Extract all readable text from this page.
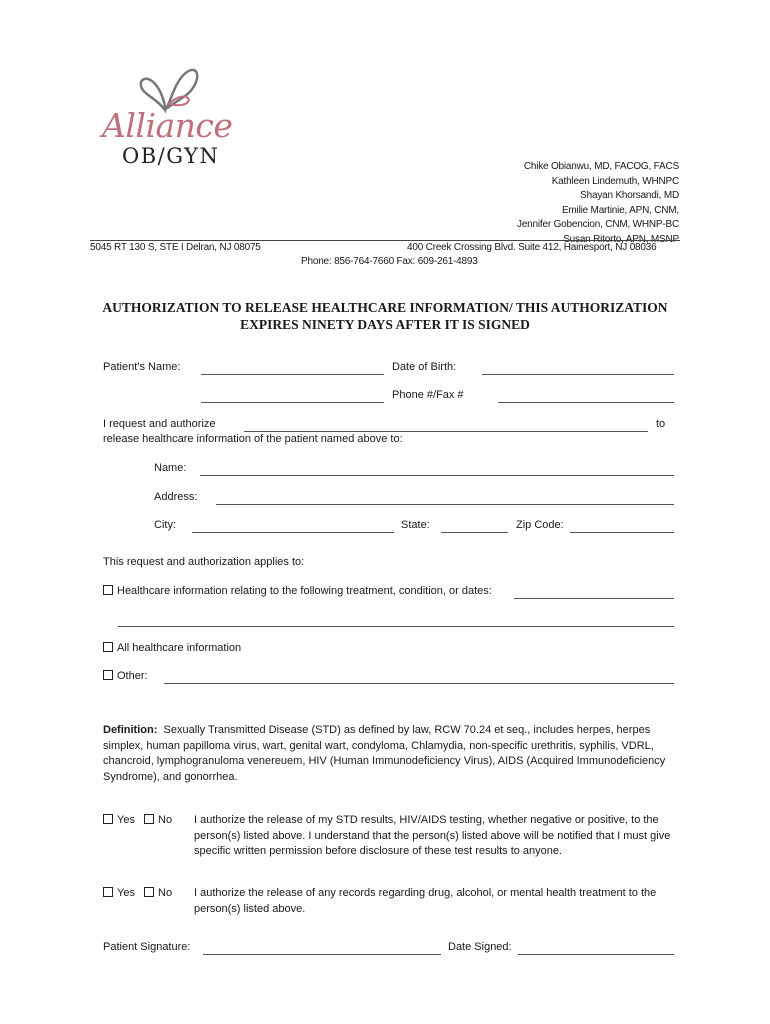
Alliance
OB/GYN	Chike Obianwu, MD, FACOG, FACS
Kathleen Lindemuth, WHNPC
Shayan Khorsandi, MD
Emilie Martinie, APN, CNM,
Jennifer Gobencion, CNM, WHNP-BC
Susan Ritorto, APN, MSNP
5045 RT 130 S, STE I Delran, NJ 08075	400 Creek Crossing Blvd. Suite 412, Hainesport, NJ 08036
Phone: 856-764-7660 Fax: 609-261-4893
AUTHORIZATION TO RELEASE HEALTHCARE INFORMATION/ THIS AUTHORIZATION
EXPIRES NINETY DAYS AFTER IT IS SIGNED
Patient’s Name:	Date of Birth:
Phone #/Fax #
I request and authorize	to
release healthcare information of the patient named above to:
Name:
Address:
City:	State:	Zip Code:
This request and authorization applies to:
Healthcare information relating to the following treatment, condition, or dates:
All healthcare information
Other:
Definition: Sexually Transmitted Disease (STD) as defined by law, RCW 70.24 et seq., includes herpes, herpes simplex, human papilloma virus, wart, genital wart, condyloma, Chlamydia, non-specific urethritis, syphilis, VDRL, chancroid, lymphogranuloma venereuem, HIV (Human Immunodeficiency Virus), AIDS (Acquired Immunodeficiency Syndrome), and gonorrhea.
Yes	No I authorize the release of my STD results, HIV/AIDS testing, whether negative or positive, to the person(s) listed above. I understand that the person(s) listed above will be notified that I must give specific written permission before disclosure of these test results to anyone.
Yes	No I authorize the release of any records regarding drug, alcohol, or mental health treatment to the person(s) listed above.
Patient Signature:	Date Signed:
